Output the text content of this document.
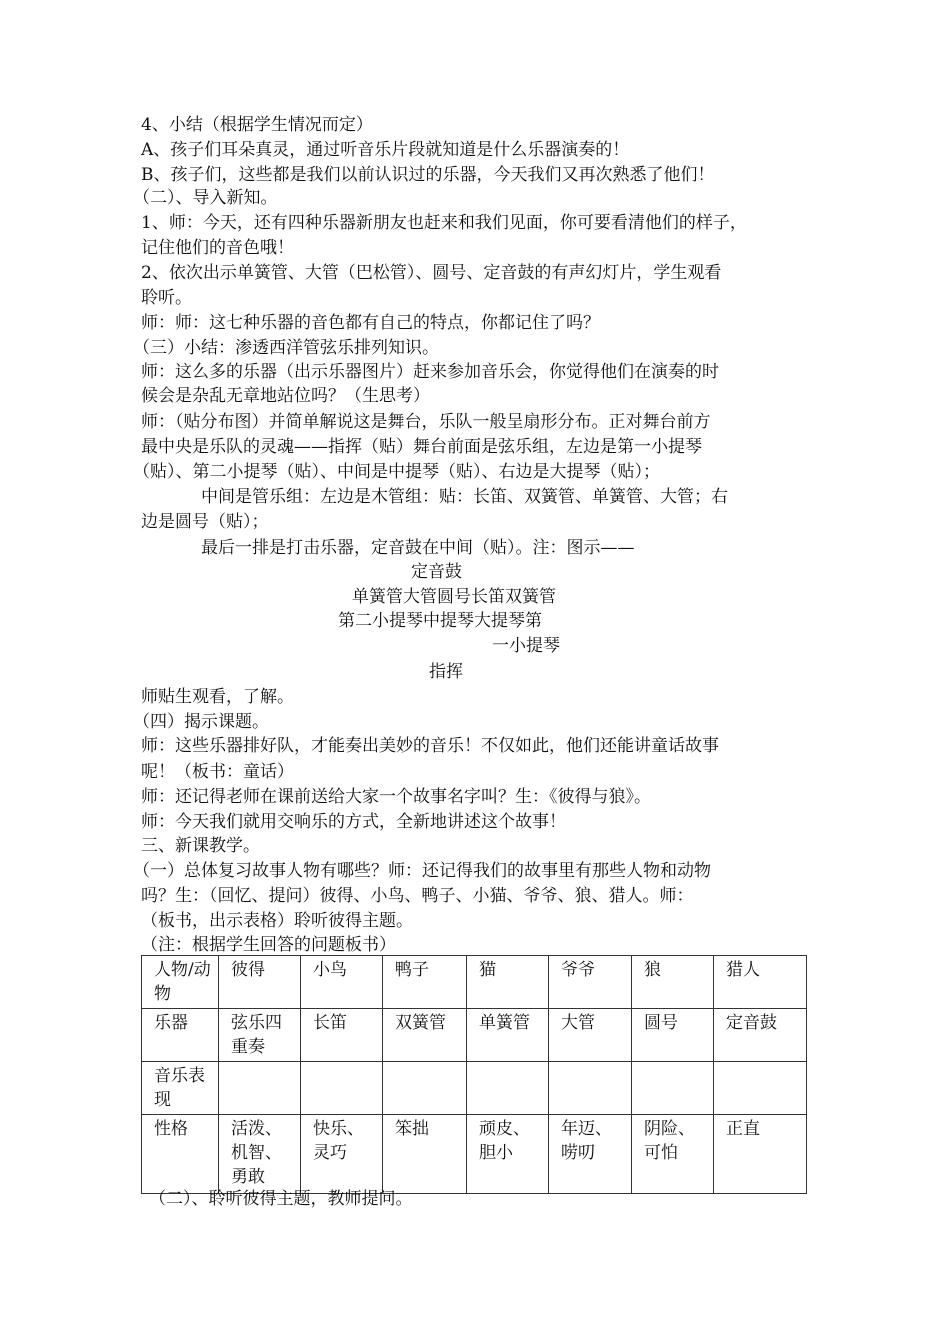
4、小结（根据学生情况而定）
A、孩子们耳朵真灵，通过听音乐片段就知道是什么乐器演奏的！
B、孩子们，这些都是我们以前认识过的乐器，今天我们又再次熟悉了他们！
（二）、导入新知。
1、师：今天，还有四种乐器新朋友也赶来和我们见面，你可要看清他们的样子，
记住他们的音色哦！
2、依次出示单簧管、大管（巴松管）、圆号、定音鼓的有声幻灯片，学生观看
聆听。
师：师：这七种乐器的音色都有自己的特点，你都记住了吗？
（三）小结：渗透西洋管弦乐排列知识。
师：这么多的乐器（出示乐器图片）赶来参加音乐会，你觉得他们在演奏的时
候会是杂乱无章地站位吗？（生思考）
师：（贴分布图）并简单解说这是舞台，乐队一般呈扇形分布。正对舞台前方
最中央是乐队的灵魂——指挥（贴）舞台前面是弦乐组，左边是第一小提琴
（贴）、第二小提琴（贴）、中间是中提琴（贴）、右边是大提琴（贴）；
中间是管乐组：左边是木管组：贴：长笛、双簧管、单簧管、大管；右
边是圆号（贴）；
最后一排是打击乐器，定音鼓在中间（贴）。注：图示——
定音鼓
单簧管大管圆号长笛双簧管
第二小提琴中提琴大提琴第
一小提琴
指挥
师贴生观看，了解。
（四）揭示课题。
师：这些乐器排好队，才能奏出美妙的音乐！不仅如此，他们还能讲童话故事
呢！（板书：童话）
师：还记得老师在课前送给大家一个故事名字叫？生：《彼得与狼》。
师：今天我们就用交响乐的方式，全新地讲述这个故事！
三、新课教学。
（一）总体复习故事人物有哪些？师：还记得我们的故事里有那些人物和动物
吗？生：（回忆、提问）彼得、小鸟、鸭子、小猫、爷爷、狼、猎人。师：
（板书，出示表格）聆听彼得主题。
（注：根据学生回答的问题板书）
人物/动物	彼得	小鸟	鸭子	猫	爷爷	狼	猎人
乐器	弦乐四重奏	长笛	双簧管	单簧管	大管	圆号	定音鼓
音乐表现							
性格	活泼、机智、勇敢	快乐、灵巧	笨拙	顽皮、胆小	年迈、唠叨	阴险、可怕	正直
（二）、聆听彼得主题，教师提问。
